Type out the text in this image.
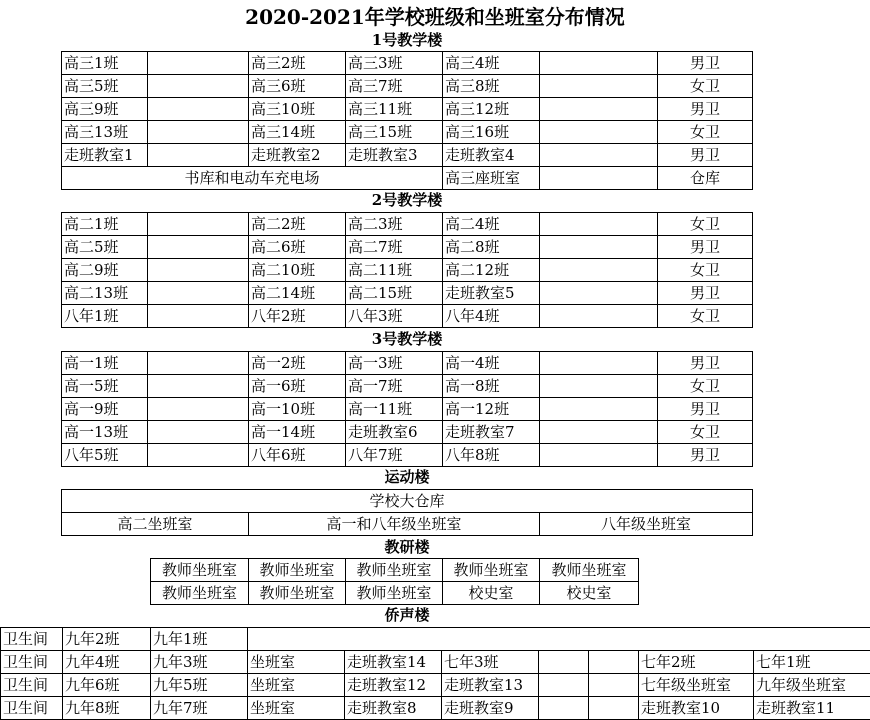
2020-2021年学校班级和坐班室分布情况
1号教学楼
高三1班		高三2班	高三3班	高三4班		男卫
高三5班		高三6班	高三7班	高三8班		女卫
高三9班		高三10班	高三11班	高三12班		男卫
高三13班		高三14班	高三15班	高三16班		女卫
走班教室1		走班教室2	走班教室3	走班教室4		男卫
书库和电动车充电场				高三座班室		仓库
2号教学楼
高二1班		高二2班	高二3班	高二4班		女卫
高二5班		高二6班	高二7班	高二8班		男卫
高二9班		高二10班	高二11班	高二12班		女卫
高二13班		高二14班	高二15班	走班教室5		男卫
八年1班		八年2班	八年3班	八年4班		女卫
3号教学楼
高一1班		高一2班	高一3班	高一4班		男卫
高一5班		高一6班	高一7班	高一8班		女卫
高一9班		高一10班	高一11班	高一12班		男卫
高一13班		高一14班	走班教室6	走班教室7		女卫
八年5班		八年6班	八年7班	八年8班		男卫
运动楼
学校大仓库
高二坐班室	高一和八年级坐班室	八年级坐班室
教研楼
教师坐班室	教师坐班室	教师坐班室	教师坐班室	教师坐班室
教师坐班室	教师坐班室	教师坐班室	校史室	校史室
侨声楼
卫生间	九年2班	九年1班							
卫生间	九年4班	九年3班	坐班室	走班教室14	七年3班			七年2班	七年1班
卫生间	九年6班	九年5班	坐班室	走班教室12	走班教室13			七年级坐班室	九年级坐班室
卫生间	九年8班	九年7班	坐班室	走班教室8	走班教室9			走班教室10	走班教室11
